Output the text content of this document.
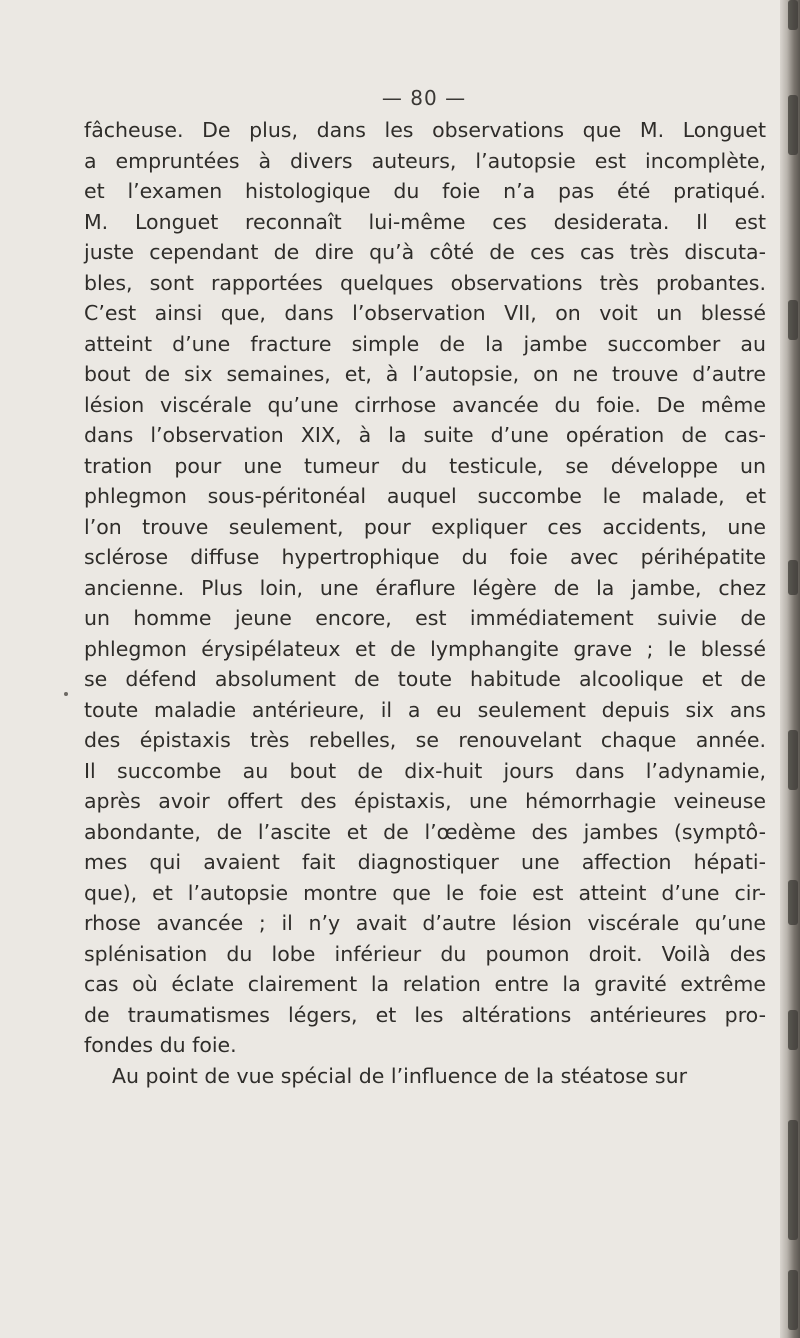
— 80 —
fâcheuse. De plus, dans les observations que M. Longuet
a empruntées à divers auteurs, l’autopsie est incomplète,
et l’examen histologique du foie n’a pas été pratiqué.
M. Longuet reconnaît lui-même ces desiderata. Il est
juste cependant de dire qu’à côté de ces cas très discuta-
bles, sont rapportées quelques observations très probantes.
C’est ainsi que, dans l’observation VII, on voit un blessé
atteint d’une fracture simple de la jambe succomber au
bout de six semaines, et, à l’autopsie, on ne trouve d’autre
lésion viscérale qu’une cirrhose avancée du foie. De même
dans l’observation XIX, à la suite d’une opération de cas-
tration pour une tumeur du testicule, se développe un
phlegmon sous-péritonéal auquel succombe le malade, et
l’on trouve seulement, pour expliquer ces accidents, une
sclérose diffuse hypertrophique du foie avec périhépatite
ancienne. Plus loin, une éraflure légère de la jambe, chez
un homme jeune encore, est immédiatement suivie de
phlegmon érysipélateux et de lymphangite grave ; le blessé
se défend absolument de toute habitude alcoolique et de
toute maladie antérieure, il a eu seulement depuis six ans
des épistaxis très rebelles, se renouvelant chaque année.
Il succombe au bout de dix-huit jours dans l’adynamie,
après avoir offert des épistaxis, une hémorrhagie veineuse
abondante, de l’ascite et de l’œdème des jambes (symptô-
mes qui avaient fait diagnostiquer une affection hépati-
que), et l’autopsie montre que le foie est atteint d’une cir-
rhose avancée ; il n’y avait d’autre lésion viscérale qu’une
splénisation du lobe inférieur du poumon droit. Voilà des
cas où éclate clairement la relation entre la gravité extrême
de traumatismes légers, et les altérations antérieures pro-
fondes du foie.
Au point de vue spécial de l’influence de la stéatose sur
